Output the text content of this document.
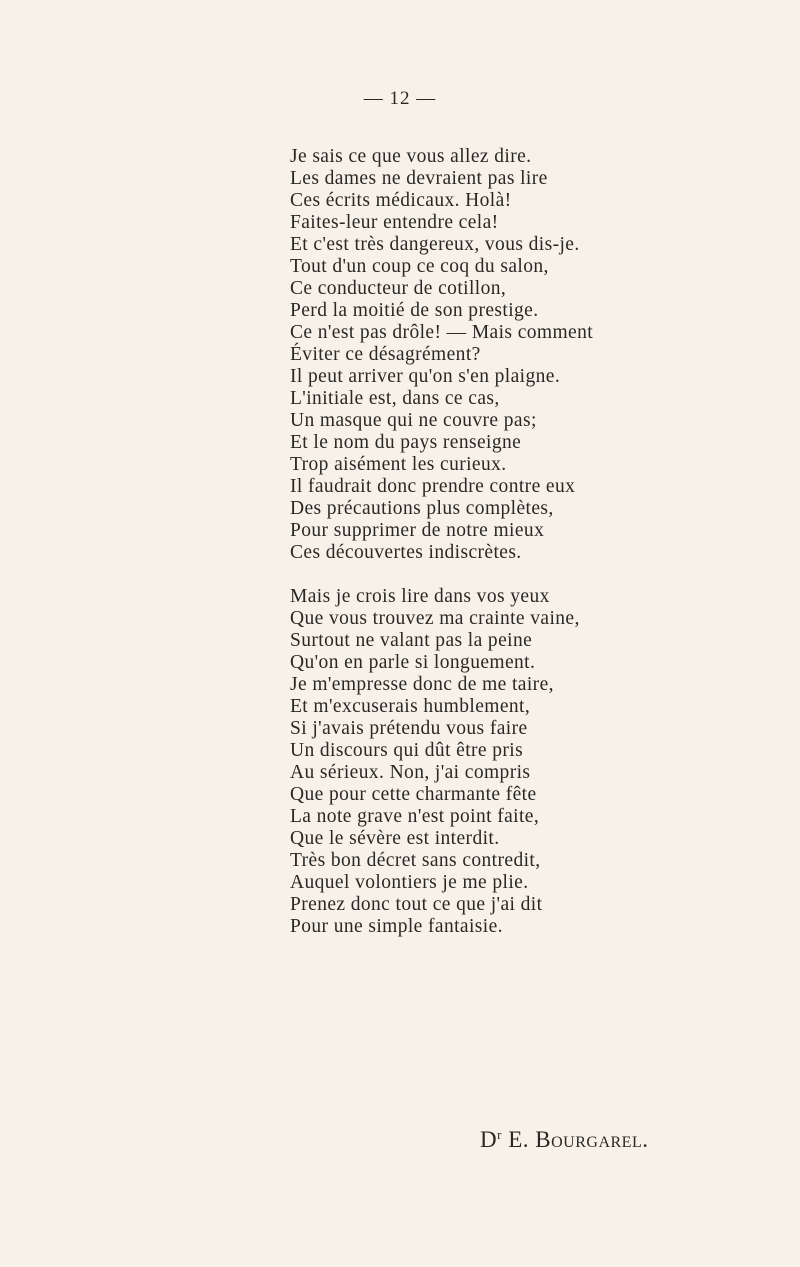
— 12 —

Je sais ce que vous allez dire.
Les dames ne devraient pas lire
Ces écrits médicaux. Holà!
Faites-leur entendre cela!
Et c'est très dangereux, vous dis-je.
Tout d'un coup ce coq du salon,
Ce conducteur de cotillon,
Perd la moitié de son prestige.
Ce n'est pas drôle! — Mais comment
Éviter ce désagrément?
Il peut arriver qu'on s'en plaigne.
L'initiale est, dans ce cas,
Un masque qui ne couvre pas;
Et le nom du pays renseigne
Trop aisément les curieux.
Il faudrait donc prendre contre eux
Des précautions plus complètes,
Pour supprimer de notre mieux
Ces découvertes indiscrètes.

Mais je crois lire dans vos yeux
Que vous trouvez ma crainte vaine,
Surtout ne valant pas la peine
Qu'on en parle si longuement.
Je m'empresse donc de me taire,
Et m'excuserais humblement,
Si j'avais prétendu vous faire
Un discours qui dût être pris
Au sérieux. Non, j'ai compris
Que pour cette charmante fête
La note grave n'est point faite,
Que le sévère est interdit.
Très bon décret sans contredit,
Auquel volontiers je me plie.
Prenez donc tout ce que j'ai dit
Pour une simple fantaisie.

$D^r$ E. Bourgarel.
